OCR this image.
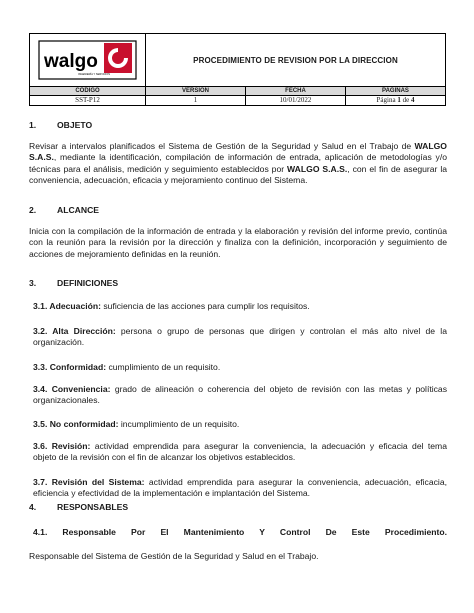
walgo
INGENIERÍA Y SERVICIOS	PROCEDIMIENTO DE REVISION POR LA DIRECCION		
CODIGO	VERSION	FECHA	PAGINAS
SST-P12	1	10/01/2022	Página 1 de 4

1. OBJETO

Revisar a intervalos planificados el Sistema de Gestión de la Seguridad y Salud en el Trabajo de WALGO S.A.S., mediante la identificación, compilación de información de entrada, aplicación de metodologías y/o técnicas para el análisis, medición y seguimiento establecidos por WALGO S.A.S., con el fin de asegurar la conveniencia, adecuación, eficacia y mejoramiento continuo del Sistema.

2. ALCANCE

Inicia con la compilación de la información de entrada y la elaboración y revisión del informe previo, continúa con la reunión para la revisión por la dirección y finaliza con la definición, incorporación y seguimiento de acciones de mejoramiento definidas en la reunión.

3. DEFINICIONES

3.1. Adecuación: suficiencia de las acciones para cumplir los requisitos.

3.2. Alta Dirección: persona o grupo de personas que dirigen y controlan el más alto nivel de la organización.

3.3. Conformidad: cumplimiento de un requisito.

3.4. Conveniencia: grado de alineación o coherencia del objeto de revisión con las metas y políticas organizacionales.

3.5. No conformidad: incumplimiento de un requisito.

3.6. Revisión: actividad emprendida para asegurar la conveniencia, la adecuación y eficacia del tema objeto de la revisión con el fin de alcanzar los objetivos establecidos.

3.7. Revisión del Sistema: actividad emprendida para asegurar la conveniencia, adecuación, eficacia, eficiencia y efectividad de la implementación e implantación del Sistema.

4. RESPONSABLES

4.1. Responsable Por El Mantenimiento Y Control De Este Procedimiento.

Responsable del Sistema de Gestión de la Seguridad y Salud en el Trabajo.
